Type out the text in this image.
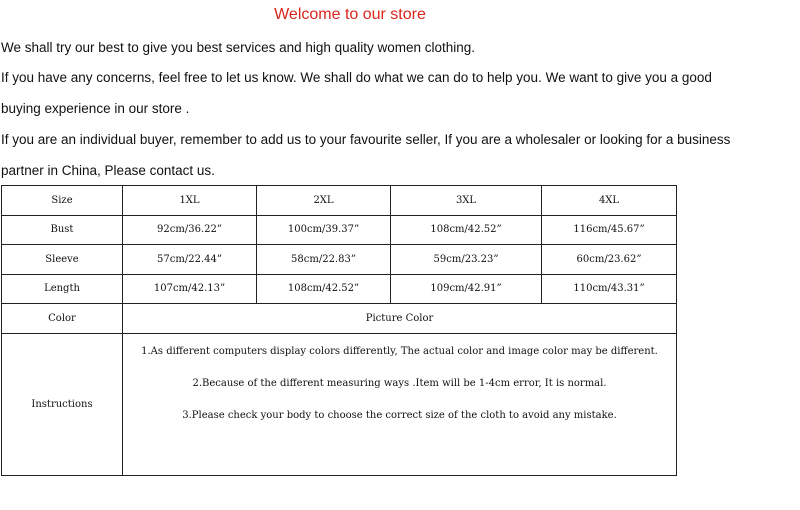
Welcome to our store
We shall try our best to give you best services and high quality women clothing.
If you have any concerns, feel free to let us know. We shall do what we can do to help you. We want to give you a good
buying experience in our store .
If you are an individual buyer, remember to add us to your favourite seller, If you are a wholesaler or looking for a business
partner in China, Please contact us.
Size	1XL	2XL	3XL	4XL
Bust	92cm/36.22”	100cm/39.37”	108cm/42.52”	116cm/45.67”
Sleeve	57cm/22.44”	58cm/22.83”	59cm/23.23”	60cm/23.62”
Length	107cm/42.13”	108cm/42.52”	109cm/42.91”	110cm/43.31”
Color	Picture Color			
Instructions	1.As different computers display colors differently, The actual color and image color may be different.

2.Because of the different measuring ways .Item will be 1-4cm error, It is normal.

3.Please check your body to choose the correct size of the cloth to avoid any mistake.			
